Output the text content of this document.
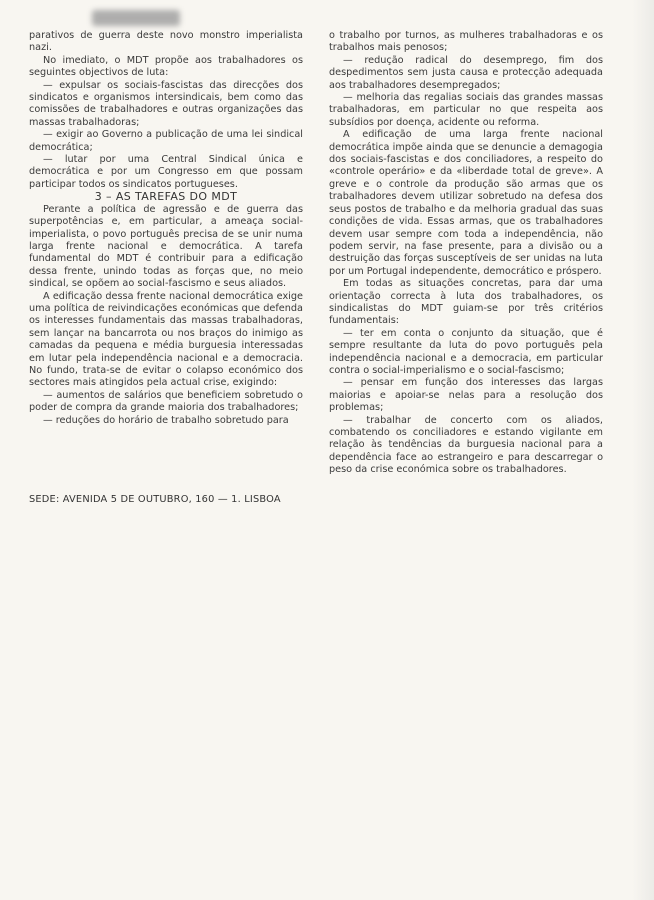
parativos de guerra deste novo monstro imperialista nazi.

No imediato, o MDT propõe aos trabalhadores os seguintes objectivos de luta:

— expulsar os sociais-fascistas das direcções dos sindicatos e organismos intersindicais, bem como das comissões de trabalhadores e outras organizações das massas trabalhadoras;

— exigir ao Governo a publicação de uma lei sindical democrática;

— lutar por uma Central Sindical única e democrática e por um Congresso em que possam participar todos os sindicatos portugueses.

3 – AS TAREFAS DO MDT

Perante a política de agressão e de guerra das superpotências e, em particular, a ameaça social-imperialista, o povo português precisa de se unir numa larga frente nacional e democrática. A tarefa fundamental do MDT é contribuir para a edificação dessa frente, unindo todas as forças que, no meio sindical, se opõem ao social-fascismo e seus aliados.

A edificação dessa frente nacional democrática exige uma política de reivindicações económicas que defenda os interesses fundamentais das massas trabalhadoras, sem lançar na bancarrota ou nos braços do inimigo as camadas da pequena e média burguesia interessadas em lutar pela independência nacional e a democracia. No fundo, trata-se de evitar o colapso económico dos sectores mais atingidos pela actual crise, exigindo:

— aumentos de salários que beneficiem sobretudo o poder de compra da grande maioria dos trabalhadores;

— reduções do horário de trabalho sobretudo para

o trabalho por turnos, as mulheres trabalhadoras e os trabalhos mais penosos;

— redução radical do desemprego, fim dos despedimentos sem justa causa e protecção adequada aos trabalhadores desempregados;

— melhoria das regalias sociais das grandes massas trabalhadoras, em particular no que respeita aos subsídios por doença, acidente ou reforma.

A edificação de uma larga frente nacional democrática impõe ainda que se denuncie a demagogia dos sociais-fascistas e dos conciliadores, a respeito do «controle operário» e da «liberdade total de greve». A greve e o controle da produção são armas que os trabalhadores devem utilizar sobretudo na defesa dos seus postos de trabalho e da melhoria gradual das suas condições de vida. Essas armas, que os trabalhadores devem usar sempre com toda a independência, não podem servir, na fase presente, para a divisão ou a destruição das forças susceptíveis de ser unidas na luta por um Portugal independente, democrático e próspero.

Em todas as situações concretas, para dar uma orientação correcta à luta dos trabalhadores, os sindicalistas do MDT guiam-se por três critérios fundamentais:

— ter em conta o conjunto da situação, que é sempre resultante da luta do povo português pela independência nacional e a democracia, em particular contra o social-imperialismo e o social-fascismo;

— pensar em função dos interesses das largas maiorias e apoiar-se nelas para a resolução dos problemas;

— trabalhar de concerto com os aliados, combatendo os conciliadores e estando vigilante em relação às tendências da burguesia nacional para a dependência face ao estrangeiro e para descarregar o peso da crise económica sobre os trabalhadores.

SEDE: AVENIDA 5 DE OUTUBRO, 160 — 1. LISBOA
